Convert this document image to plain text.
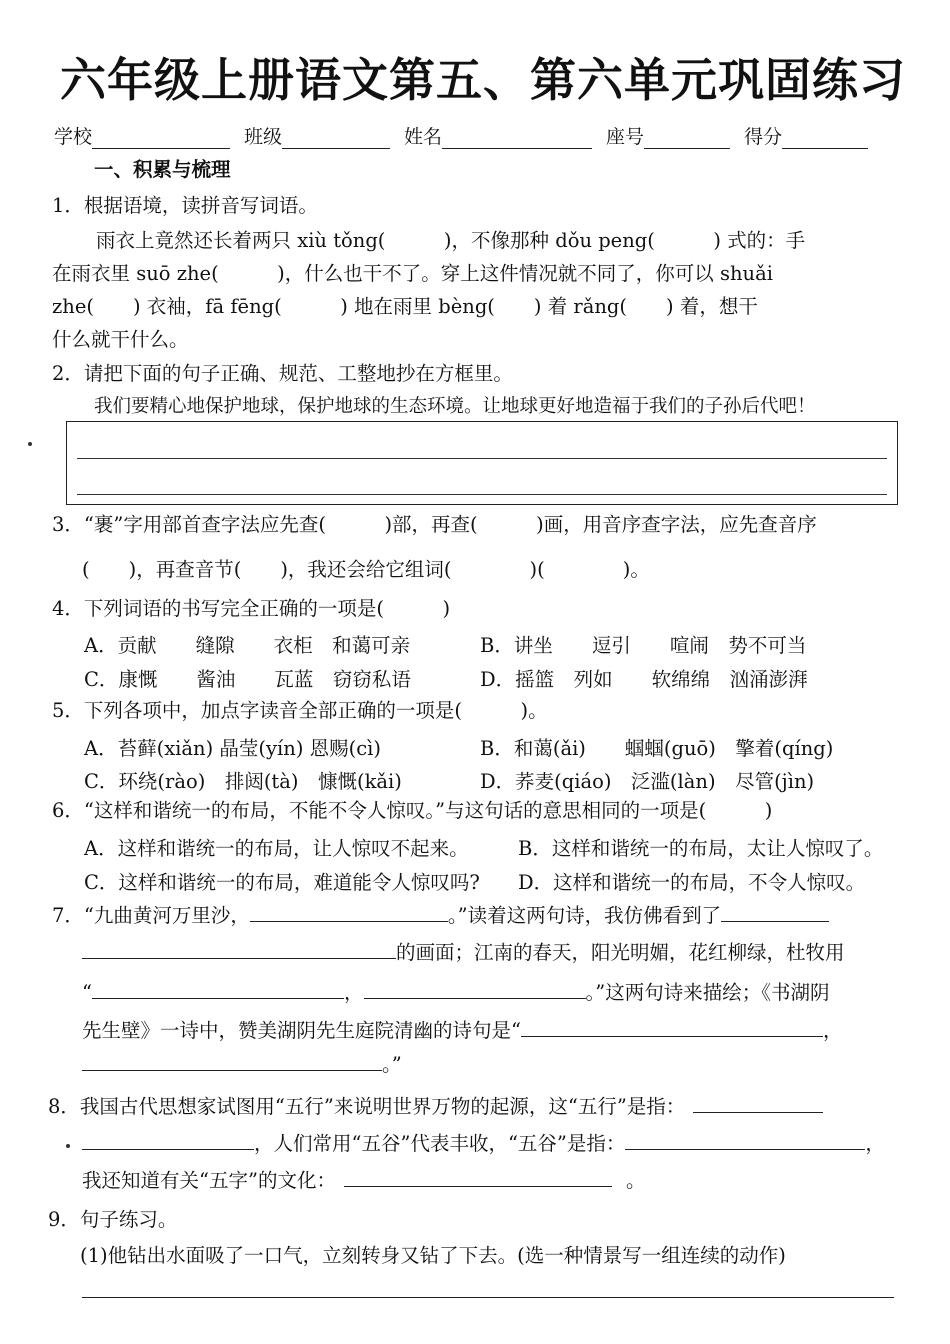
六年级上册语文第五、第六单元巩固练习
学校	班级	姓名	座号	得分
一、积累与梳理
1．根据语境，读拼音写词语。
雨衣上竟然还长着两只 xiù tǒng(　　　)，不像那种 dǒu peng(　　　) 式的：手
在雨衣里 suō zhe(　　　)，什么也干不了。穿上这件情况就不同了，你可以 shuǎi
zhe(　　) 衣袖，fā fēng(　　　) 地在雨里 bèng(　　) 着 rǎng(　　) 着，想干
什么就干什么。
2．请把下面的句子正确、规范、工整地抄在方框里。
我们要精心地保护地球，保护地球的生态环境。让地球更好地造福于我们的子孙后代吧！
3．“裹”字用部首查字法应先查(　　　)部，再查(　　　)画，用音序查字法，应先查音序
(　　)，再查音节(　　)，我还会给它组词(　　　　)(　　　　)。
4．下列词语的书写完全正确的一项是(　　　)
A．贡献　　缝隙　　衣柜　和蔼可亲	B．讲坐　　逗引　　喧闹　势不可当
C．康慨　　酱油　　瓦蓝　窃窃私语	D．摇篮　列如　　软绵绵　汹涌澎湃
5．下列各项中，加点字读音全部正确的一项是(　　　)。
A．苔藓(xiǎn) 晶莹(yín) 恩赐(cì)	B．和蔼(ǎi)　　蝈蝈(guō)　擎着(qíng)
C．环绕(rào)　排闼(tà)　慷慨(kǎi)	D．荞麦(qiáo)　泛滥(làn)　尽管(jìn)
6．“这样和谐统一的布局，不能不令人惊叹。”与这句话的意思相同的一项是(　　　)
A．这样和谐统一的布局，让人惊叹不起来。	B．这样和谐统一的布局，太让人惊叹了。
C．这样和谐统一的布局，难道能令人惊叹吗? D．这样和谐统一的布局，不令人惊叹。
7．“九曲黄河万里沙，	。”读着这两句诗，我仿佛看到了
的画面；江南的春天，阳光明媚，花红柳绿，杜牧用
“	，	。”这两句诗来描绘；《书湖阴
先生壁》一诗中，赞美湖阴先生庭院清幽的诗句是“	，
。”
8．我国古代思想家试图用“五行”来说明世界万物的起源，这“五行”是指：
，人们常用“五谷”代表丰收，“五谷”是指：	，
我还知道有关“五字”的文化：	。
9．句子练习。
(1)他钻出水面吸了一口气，立刻转身又钻了下去。(选一种情景写一组连续的动作)
